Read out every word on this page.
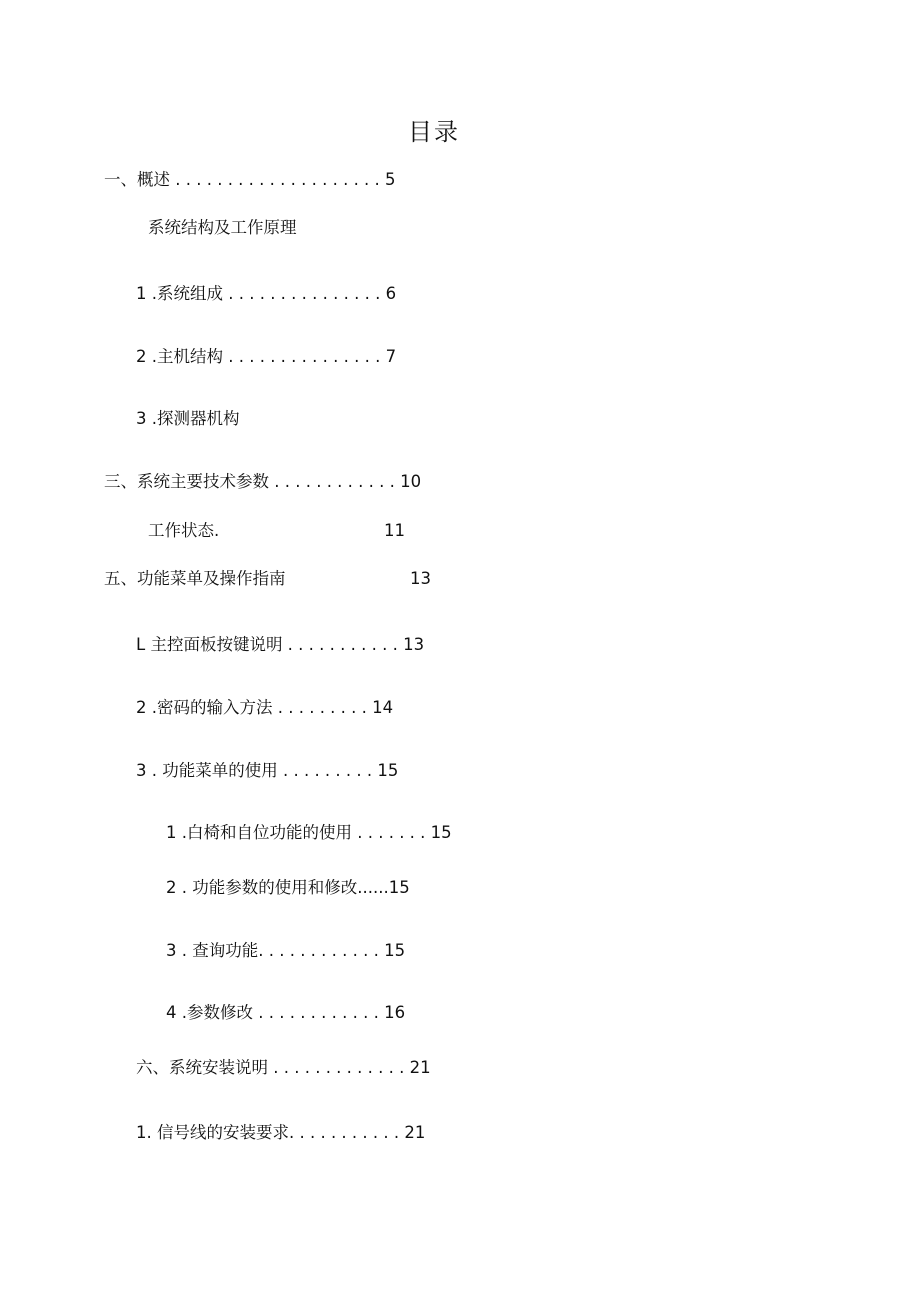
目录
一、概述 . . . . . . . . . . . . . . . . . . . . 5
系统结构及工作原理
1 .系统组成 . . . . . . . . . . . . . . . 6
2 .主机结构 . . . . . . . . . . . . . . . 7
3 .探测器机构
三、系统主要技术参数 . . . . . . . . . . . . 10
工作状态.	11
五、功能菜单及操作指南	13
L 主控面板按键说明 . . . . . . . . . . . 13
2 .密码的输入方法 . . . . . . . . . 14
3 . 功能菜单的使用 . . . . . . . . . 15
1 .白椅和自位功能的使用 . . . . . . . 15
2 . 功能参数的使用和修改......15
3 . 查询功能. . . . . . . . . . . . 15
4 .参数修改 . . . . . . . . . . . . 16
六、系统安装说明 . . . . . . . . . . . . . 21
1. 信号线的安装要求. . . . . . . . . . . 21
